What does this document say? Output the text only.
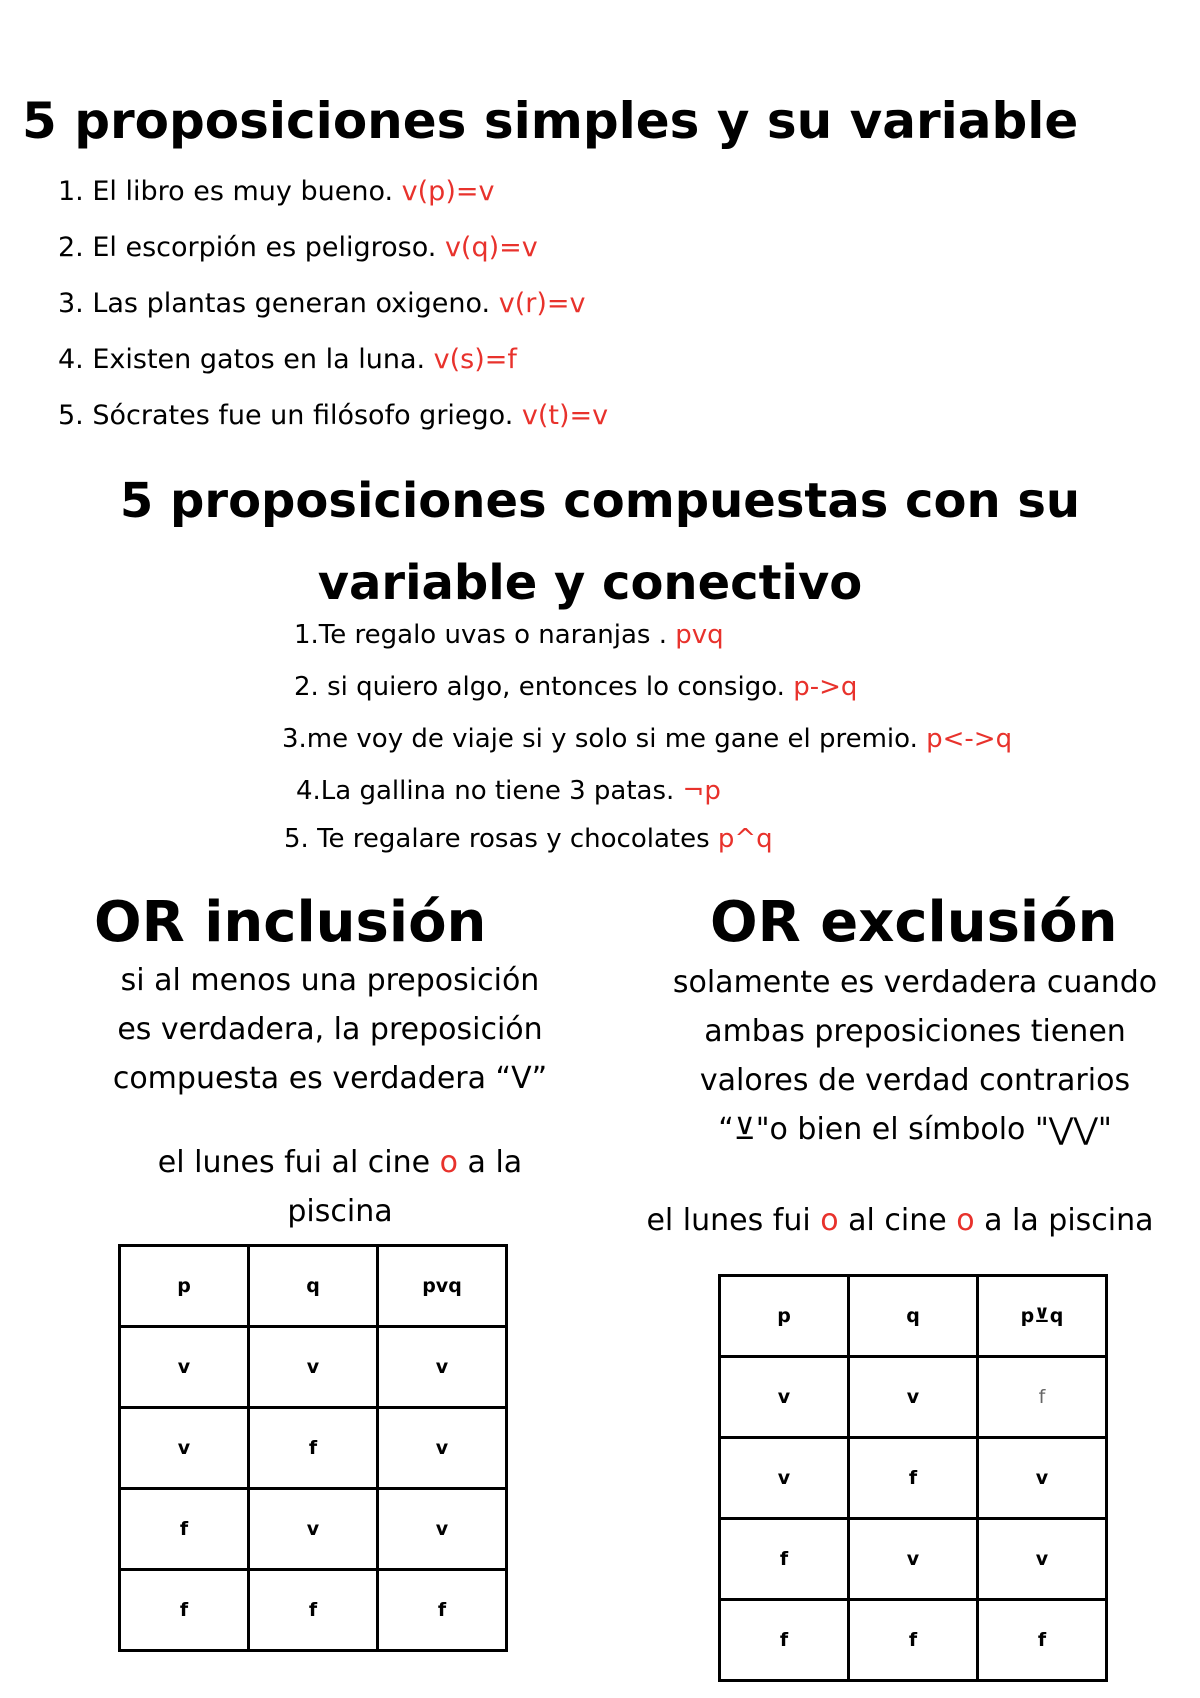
5 proposiciones simples y su variable
1. El libro es muy bueno. v(p)=v
2. El escorpión es peligroso. v(q)=v
3. Las plantas generan oxigeno. v(r)=v
4. Existen gatos en la luna. v(s)=f
5. Sócrates fue un filósofo griego. v(t)=v
5 proposiciones compuestas con su
variable y conectivo
1.Te regalo uvas o naranjas . pvq
2. si quiero algo, entonces lo consigo. p->q
3.me voy de viaje si y solo si me gane el premio. p<->q
4.La gallina no tiene 3 patas. ¬p
5. Te regalare rosas y chocolates p^q
OR inclusión
si al menos una preposición
es verdadera, la preposición
compuesta es verdadera “V”
el lunes fui al cine o a la
piscina
p	q	pvq
v	v	v
v	f	v
f	v	v
f	f	f
OR exclusión
solamente es verdadera cuando
ambas preposiciones tienen
valores de verdad contrarios
“⊻"o bien el símbolo "⋁⋁"
el lunes fui o al cine o a la piscina
p	q	p⊻q
v	v	f
v	f	v
f	v	v
f	f	f
